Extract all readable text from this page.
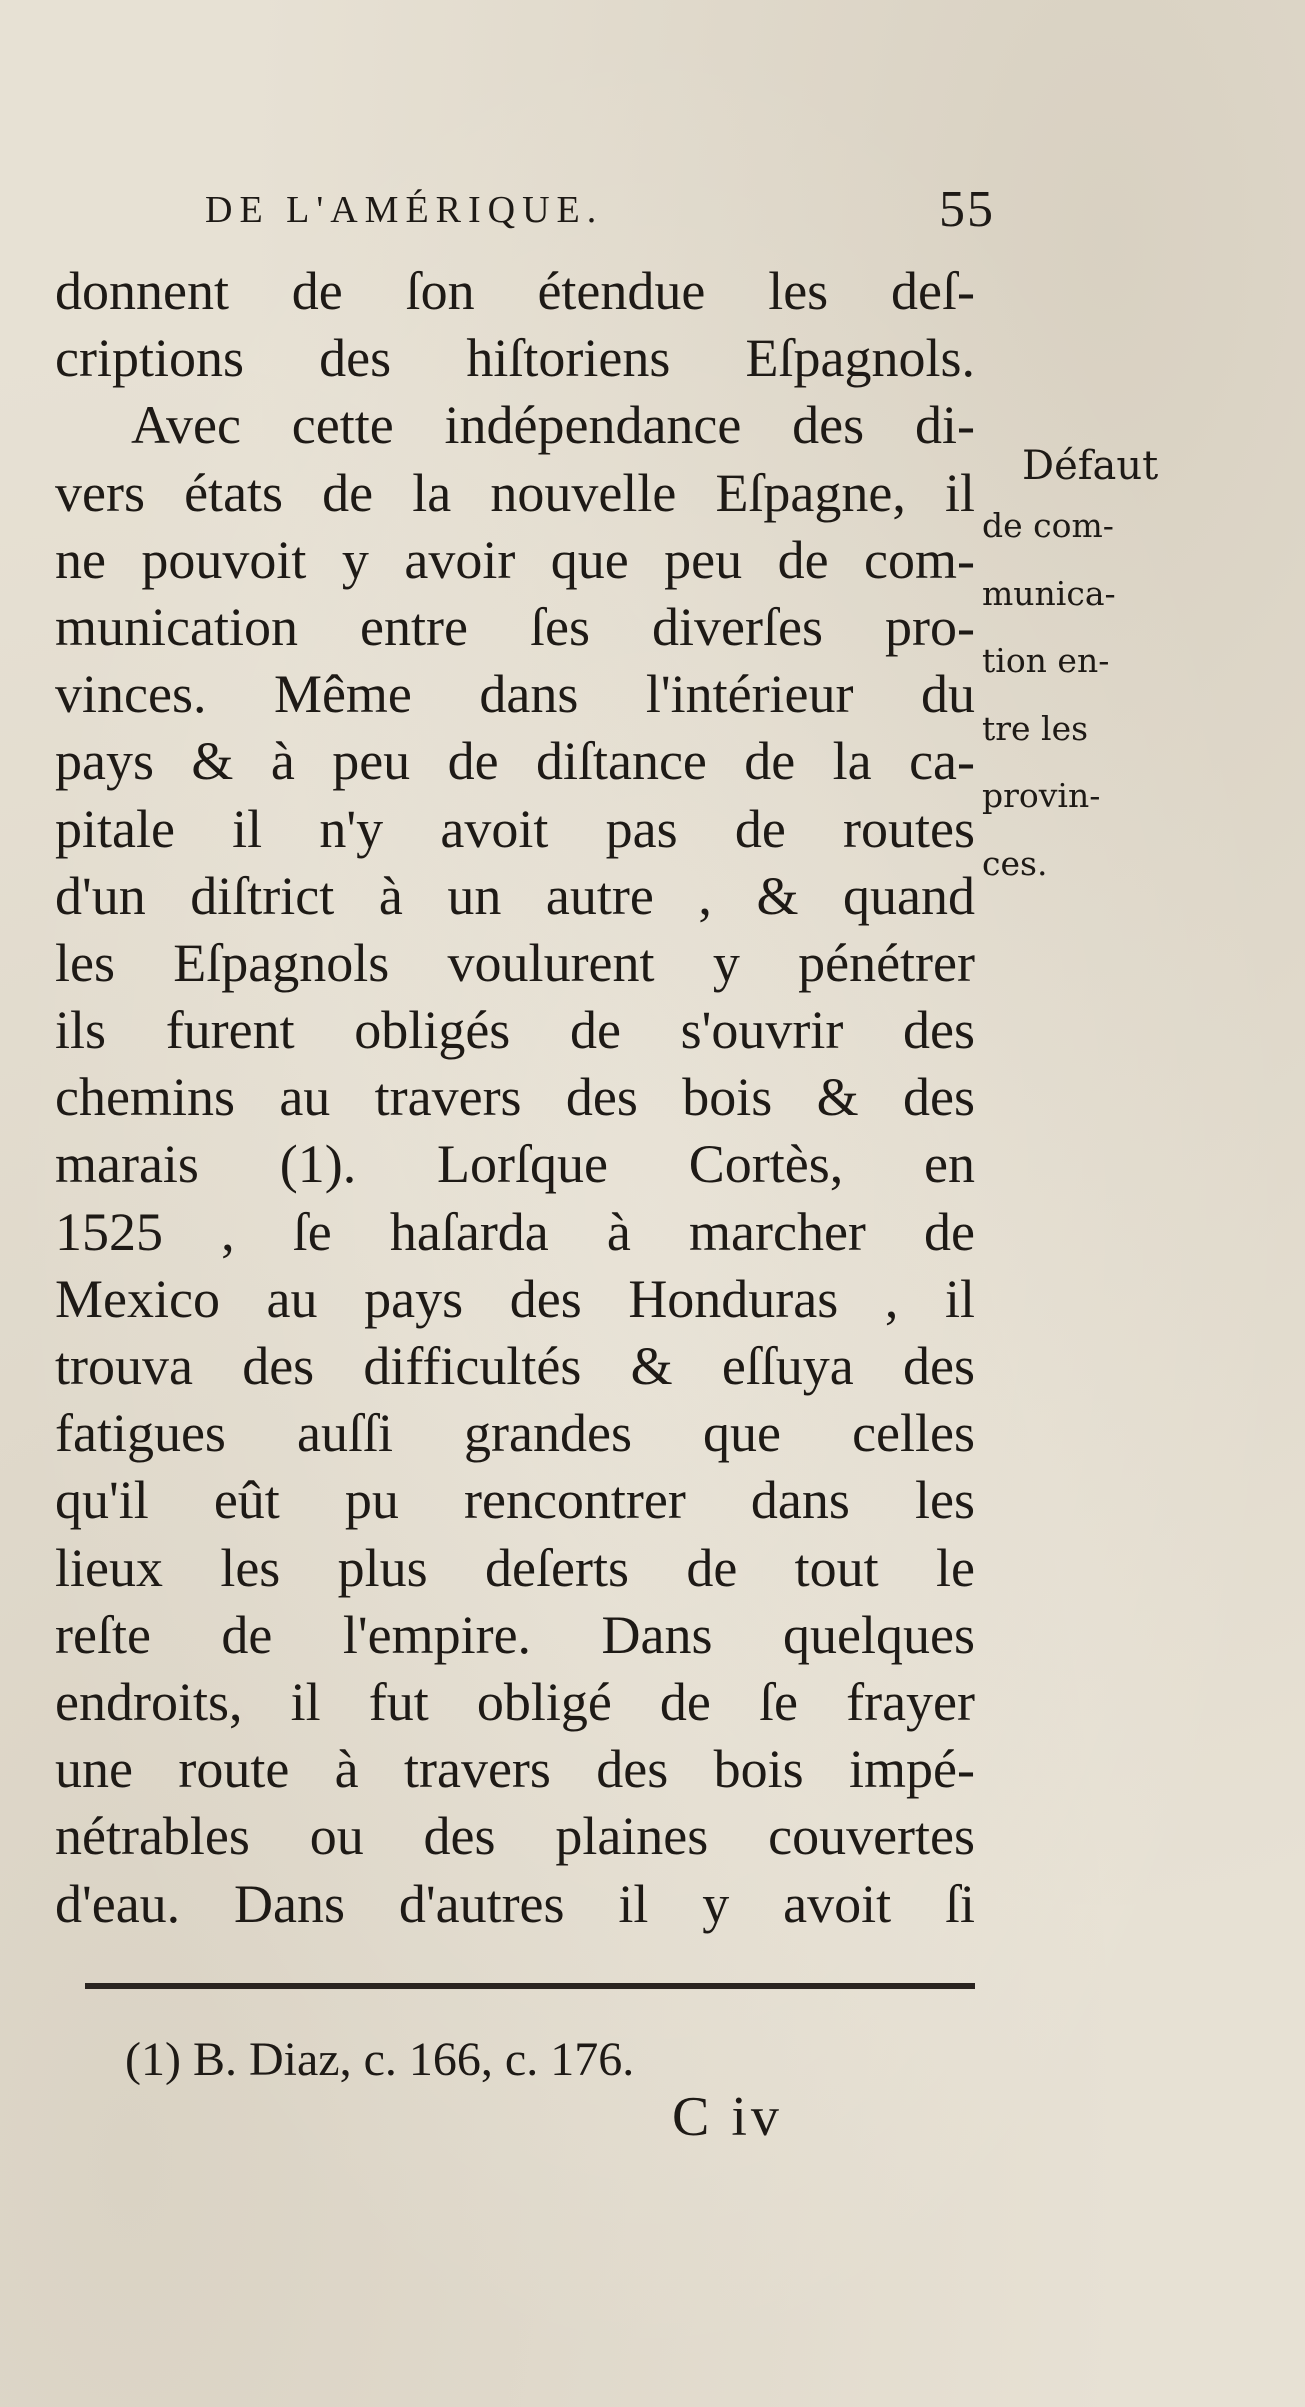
DE L'AMÉRIQUE.	55
donnent de ſon étendue les deſ-
criptions des hiſtoriens Eſpagnols.
Avec cette indépendance des di-
vers états de la nouvelle Eſpagne, il
ne pouvoit y avoir que peu de com-
munication entre ſes diverſes pro-
vinces. Même dans l'intérieur du
pays & à peu de diſtance de la ca-
pitale il n'y avoit pas de routes
d'un diſtrict à un autre , & quand
les Eſpagnols voulurent y pénétrer
ils furent obligés de s'ouvrir des
chemins au travers des bois & des
marais (1). Lorſque Cortès, en
1525 , ſe haſarda à marcher de
Mexico au pays des Honduras , il
trouva des difficultés & eſſuya des
fatigues auſſi grandes que celles
qu'il eût pu rencontrer dans les
lieux les plus deſerts de tout le
reſte de l'empire. Dans quelques
endroits, il fut obligé de ſe frayer
une route à travers des bois impé-
nétrables ou des plaines couvertes
d'eau. Dans d'autres il y avoit ſi
Défaut
de com-
munica-
tion en-
tre les
provin-
ces.
(1) B. Diaz, c. 166, c. 176.
C iv
